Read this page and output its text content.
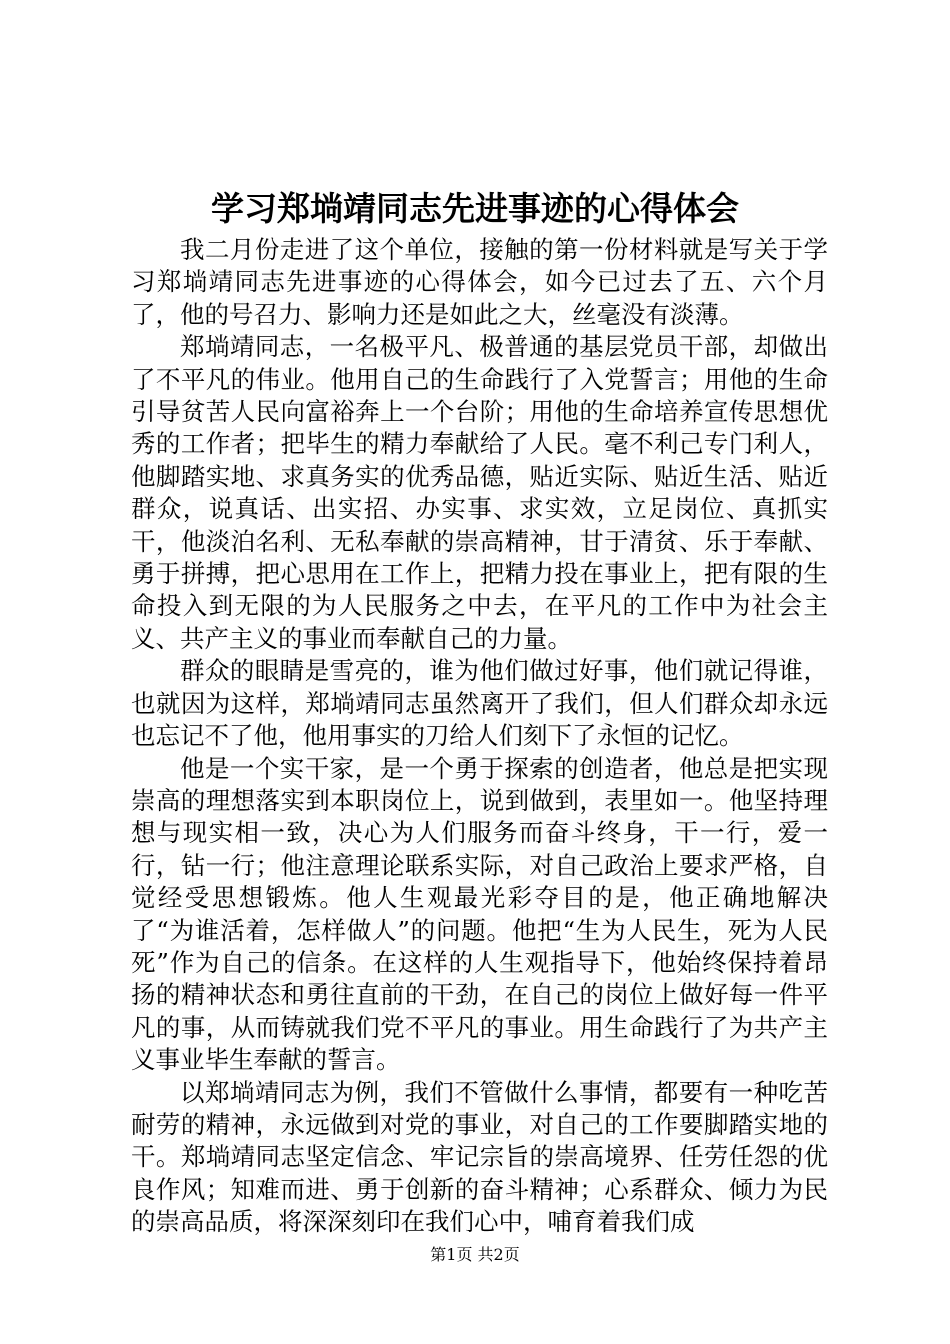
学习郑埫靖同志先进事迹的心得体会

我二月份走进了这个单位，接触的第一份材料就是写关于学习郑埫靖同志先进事迹的心得体会，如今已过去了五、六个月了，他的号召力、影响力还是如此之大，丝毫没有淡薄。

郑埫靖同志，一名极平凡、极普通的基层党员干部，却做出了不平凡的伟业。他用自己的生命践行了入党誓言；用他的生命引导贫苦人民向富裕奔上一个台阶；用他的生命培养宣传思想优秀的工作者；把毕生的精力奉献给了人民。毫不利己专门利人，他脚踏实地、求真务实的优秀品德，贴近实际、贴近生活、贴近群众，说真话、出实招、办实事、求实效，立足岗位、真抓实干，他淡泊名利、无私奉献的崇高精神，甘于清贫、乐于奉献、勇于拼搏，把心思用在工作上，把精力投在事业上，把有限的生命投入到无限的为人民服务之中去，在平凡的工作中为社会主义、共产主义的事业而奉献自己的力量。

群众的眼睛是雪亮的，谁为他们做过好事，他们就记得谁，也就因为这样，郑埫靖同志虽然离开了我们，但人们群众却永远也忘记不了他，他用事实的刀给人们刻下了永恒的记忆。

他是一个实干家，是一个勇于探索的创造者，他总是把实现崇高的理想落实到本职岗位上，说到做到，表里如一。他坚持理想与现实相一致，决心为人们服务而奋斗终身，干一行，爱一行，钻一行；他注意理论联系实际，对自己政治上要求严格，自觉经受思想锻炼。他人生观最光彩夺目的是，他正确地解决了“为谁活着，怎样做人”的问题。他把“生为人民生，死为人民死”作为自己的信条。在这样的人生观指导下，他始终保持着昂扬的精神状态和勇往直前的干劲，在自己的岗位上做好每一件平凡的事，从而铸就我们党不平凡的事业。用生命践行了为共产主义事业毕生奉献的誓言。

以郑埫靖同志为例，我们不管做什么事情，都要有一种吃苦耐劳的精神，永远做到对党的事业，对自己的工作要脚踏实地的干。郑埫靖同志坚定信念、牢记宗旨的崇高境界、任劳任怨的优良作风；知难而进、勇于创新的奋斗精神；心系群众、倾力为民的崇高品质，将深深刻印在我们心中，哺育着我们成

第1页 共2页
